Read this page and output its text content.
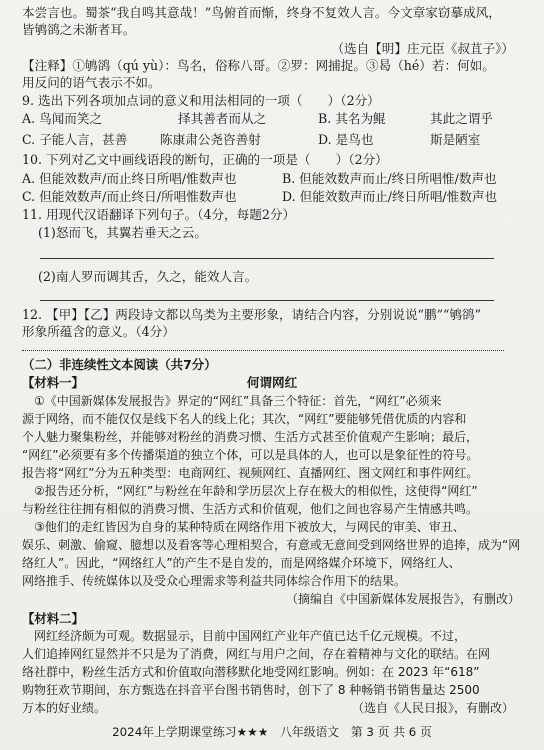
本尝言也。蜀茶“我自鸣其意哉！”鸟俯首而惭，终身不复效人言。今文章家窃摹成风，
皆鸲鹆之未渐者耳。
（选自【明】庄元臣《叔苴子》）
【注释】①鸲鹆（qú yù）：鸟名，俗称八哥。②罗：网捕捉。③曷（hé）若：何如。
用反问的语气表示不如。
9. 选出下列各项加点词的意义和用法相同的一项（　　）（2分）
A. 鸟闻而笑之	择其善者而从之	B. 其名为鲲	其此之谓乎
C. 子能人言，甚善	陈康肃公尧咨善射	D. 是鸟也	斯是陋室
10. 下列对乙文中画线语段的断句，正确的一项是（　　）（2分）
A. 但能效数声/而止终日所唱/惟数声也	B. 但能效数声而止/终日所唱惟/数声也
C. 但能效数声/而止终日/所唱惟数声也	D. 但能效数声而止/终日所唱/惟数声也
11. 用现代汉语翻译下列句子。（4分，每题2分）
(1)怒而飞，其翼若垂天之云。
(2)南人罗而调其舌，久之，能效人言。
12. 【甲】【乙】两段诗文都以鸟类为主要形象，请结合内容，分别说说“鹏”“鸲鹆”
形象所蕴含的意义。（4分）
（二）非连续性文本阅读（共7分）
【材料一】	何谓网红
①《中国新媒体发展报告》界定的“网红”具备三个特征：首先，“网红”必须来
源于网络，而不能仅仅是线下名人的线上化；其次，“网红”要能够凭借优质的内容和
个人魅力聚集粉丝，并能够对粉丝的消费习惯、生活方式甚至价值观产生影响；最后，
“网红”必须要有多个传播渠道的独立个体，可以是具体的人，也可以是象征性的符号。
报告将“网红”分为五种类型：电商网红、视频网红、直播网红、图文网红和事件网红。
②报告还分析，“网红”与粉丝在年龄和学历层次上存在极大的相似性，这使得“网红”
与粉丝往往拥有相似的消费习惯、生活方式和价值观，他们之间也容易产生情感共鸣。
③他们的走红皆因为自身的某种特质在网络作用下被放大，与网民的审美、审丑、
娱乐、刺激、偷窥、臆想以及看客等心理相契合，有意或无意间受到网络世界的追捧，成为“网
络红人”。因此，“网络红人”的产生不是自发的，而是网络媒介环境下，网络红人、
网络推手、传统媒体以及受众心理需求等利益共同体综合作用下的结果。
（摘编自《中国新媒体发展报告》，有删改）
【材料二】
网红经济颇为可观。数据显示，目前中国网红产业年产值已达千亿元规模。不过，
人们追捧网红显然并不只是为了消费，网红与用户之间，存在着精神与文化的联结。在网
络社群中，粉丝生活方式和价值取向潜移默化地受网红影响。例如：在 2023 年“618”
购物狂欢节期间，东方甄选在抖音平台图书销售时，创下了 8 种畅销书销售量达 2500
万本的好业绩。	（选自《人民日报》，有删改）
2024年上学期课堂练习★★★　八年级语文　第 3 页 共 6 页
